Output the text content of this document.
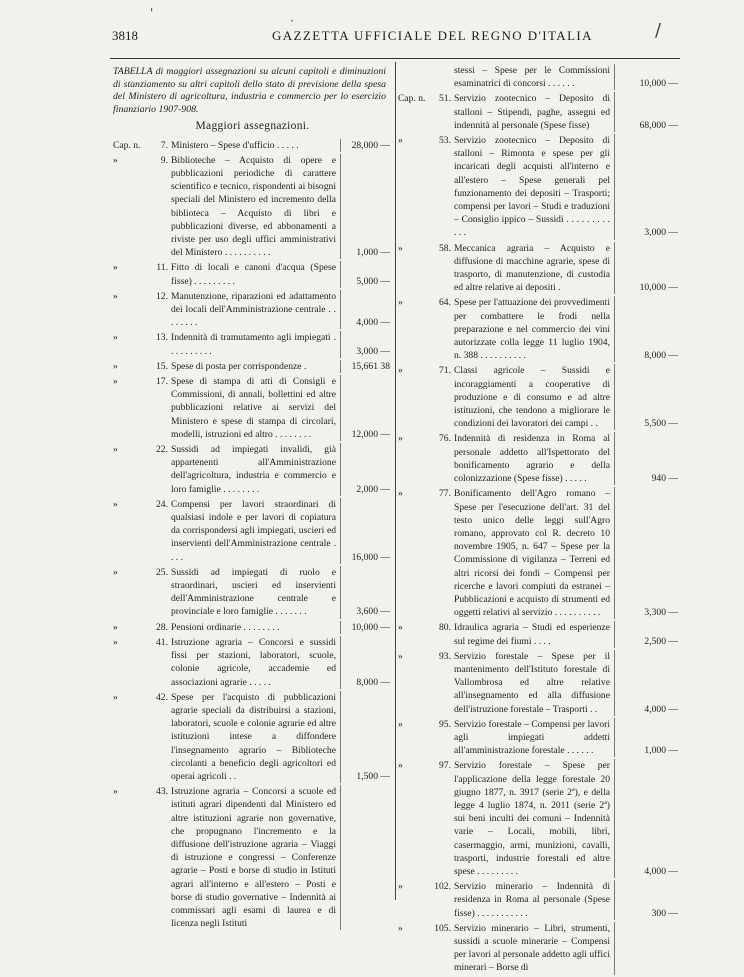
3818	GAZZETTA UFFICIALE DEL REGNO D'ITALIA
'
·	/
TABELLA di maggiori assegnazioni su alcuni capitoli e diminuzioni di stanziamento su altri capitoli dello stato di previsione della spesa del Ministero di agricoltura, industria e commercio per lo esercizio finanziario 1907-908.
Maggiori assegnazioni.
Cap. n.	7. Ministero – Spese d'ufficio . . . . .	28,000 —
»	9. Biblioteche – Acquisto di opere e pubblicazioni periodiche di carattere scientifico e tecnico, rispondenti ai bisogni speciali del Ministero ed incremento della biblioteca – Acquisto di libri e pubblicazioni diverse, ed abbonamenti a riviste per uso degli uffici amministrativi del Ministero . . . . . . . . . .	1,000 —
»	11. Fitto di locali e canoni d'acqua (Spese fisse) . . . . . . . . .	5,000 —
»	12. Manutenzione, riparazioni ed adattamento dei locali dell'Amministrazione centrale . . . . . . . .	4,000 —
»	13. Indennità di tramutamento agli impiegati . . . . . . . . . .	3,000 —
»	15. Spese di posta per corrispondenze .	15,661 38
»	17. Spese di stampa di atti di Consigli e Commissioni, di annali, bollettini ed altre pubblicazioni relative ai servizi del Ministero e spese di stampa di circolari, modelli, istruzioni ed altro . . . . . . . .	12,000 —
»	22. Sussidi ad impiegati invalidi, già appartenenti all'Amministrazione dell'agricoltura, industria e commercio e loro famiglie . . . . . . . .	2,000 —
»	24. Compensi per lavori straordinari di qualsiasi indole e per lavori di copiatura da corrispondersi agli impiegati, uscieri ed inservienti dell'Amministrazione centrale . . . .	16,000 —
»	25. Sussidi ad impiegati di ruolo e straordinari, uscieri ed inservienti dell'Amministrazione centrale e provinciale e loro famiglie . . . . . . .	3,600 —
»	28. Pensioni ordinarie . . . . . . . .	10,000 —
»	41. Istruzione agraria – Concorsi e sussidi fissi per stazioni, laboratori, scuole, colonie agricole, accademie ed associazioni agrarie . . . . .	8,000 —
»	42. Spese per l'acquisto di pubblicazioni agrarie speciali da distribuirsi a stazioni, laboratori, scuole e colonie agrarie ed altre istituzioni intese a diffondere l'insegnamento agrario – Biblioteche circolanti a beneficio degli agricoltori ed operai agricoli . .	1,500 —
»	43. Istruzione agraria – Concorsi a scuole ed istituti agrari dipendenti dal Ministero ed altre istituzioni agrarie non governative, che propugnano l'incremento e la diffusione dell'istruzione agraria – Viaggi di istruzione e congressi – Conferenze agrarie – Posti e borse di studio in Istituti agrari all'interno e all'estero – Posti e borse di studio governative – Indennità ai commissari agli esami di laurea e di licenza negli Istituti
stessi – Spese per le Commissioni esaminatrici di concorsi . . . . . .	10,000 —
Cap. n.	51. Servizio zootecnico – Deposito di stalloni – Stipendi, paghe, assegni ed indennità al personale (Spese fisse)	68,000 —
»	53. Servizio zootecnico – Deposito di stalloni – Rimonta e spese per gli incaricati degli acquisti all'interno e all'estero – Spese generali pel funzionamento dei depositi – Trasporti; compensi per lavori – Studi e traduzioni – Consiglio ippico – Sussidi . . . . . . . . . . . .	3,000 —
»	58. Meccanica agraria – Acquisto e diffusione di macchine agrarie, spese di trasporto, di manutenzione, di custodia ed altre relative ai depositi .	10,000 —
»	64. Spese per l'attuazione dei provvedimenti per combattere le frodi nella preparazione e nel commercio dei vini autorizzate colla legge 11 luglio 1904, n. 388 . . . . . . . . . .	8,000 —
»	71. Classi agricole – Sussidi e incoraggiamenti a cooperative di produzione e di consumo e ad altre istituzioni, che tendono a migliorare le condizioni dei lavoratori dei campi . .	5,500 —
»	76. Indennità di residenza in Roma al personale addetto all'Ispettorato del bonificamento agrario e della colonizzazione (Spese fisse) . . . . .	940 —
»	77. Bonificamento dell'Agro romano – Spese per l'esecuzione dell'art. 31 del testo unico delle leggi sull'Agro romano, approvato col R. decreto 10 novembre 1905, n. 647 – Spese per la Commissione di vigilanza – Terreni ed altri ricorsi dei fondi – Compensi per ricerche e lavori compiuti da estranei – Pubblicazioni e acquisto di strumenti ed oggetti relativi al servizio . . . . . . . . . .	3,300 —
»	80. Idraulica agraria – Studi ed esperienze sul regime dei fiumi . . . .	2,500 —
»	93. Servizio forestale – Spese per il mantenimento dell'Istituto forestale di Vallombrosa ed altre relative all'insegnamento ed alla diffusione dell'istruzione forestale – Trasporti . .	4,000 —
»	95. Servizio forestale – Compensi per lavori agli impiegati addetti all'amministrazione forestale . . . . . .	1,000 —
»	97. Servizio forestale – Spese per l'applicazione della legge forestale 20 giugno 1877, n. 3917 (serie 2ª), e della legge 4 luglio 1874, n. 2011 (serie 2ª) sui beni inculti dei comuni – Indennità varie – Locali, mobili, libri, casermaggio, armi, munizioni, cavalli, trasporti, industrie forestali ed altre spese . . . . . . . . .	4,000 —
»	102. Servizio minerario – Indennità di residenza in Roma al personale (Spese fisse) . . . . . . . . . . .	300 —
»	105. Servizio minerario – Libri, strumenti, sussidi a scuole minerarie – Compensi per lavori al personale addetto agli uffici minerari – Borse di
